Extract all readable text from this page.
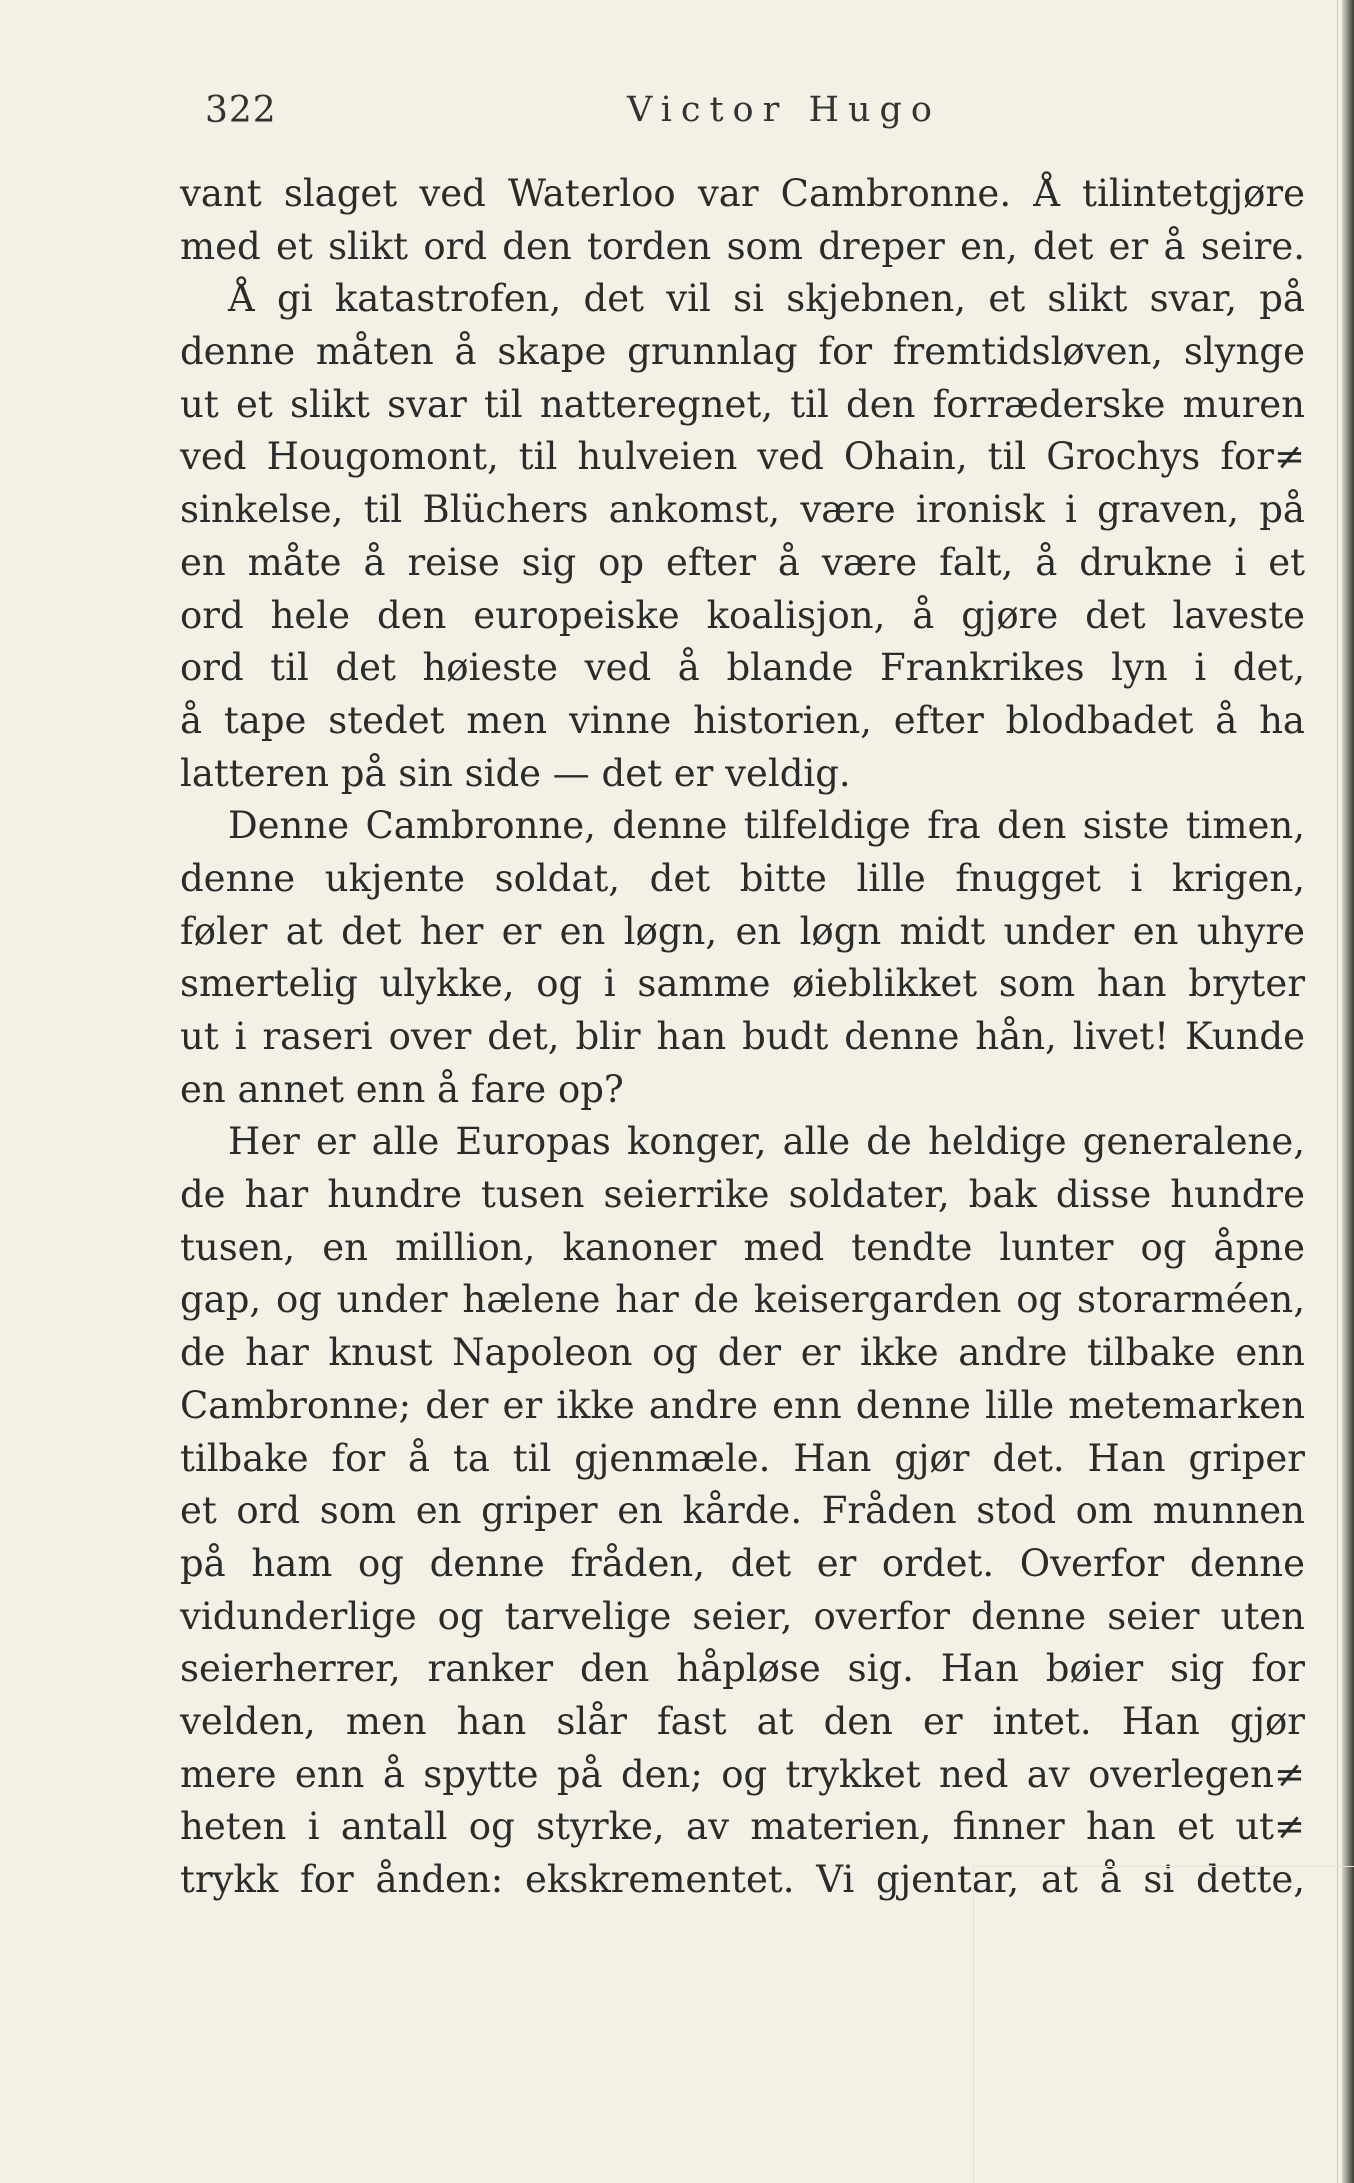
322	Victor Hugo
vant slaget ved Waterloo var Cambronne. Å tilintetgjøre
med et slikt ord den torden som dreper en, det er å seire.
Å gi katastrofen, det vil si skjebnen, et slikt svar, på
denne måten å skape grunnlag for fremtidsløven, slynge
ut et slikt svar til natteregnet, til den forræderske muren
ved Hougomont, til hulveien ved Ohain, til Grochys for≠
sinkelse, til Blüchers ankomst, være ironisk i graven, på
en måte å reise sig op efter å være falt, å drukne i et
ord hele den europeiske koalisjon, å gjøre det laveste
ord til det høieste ved å blande Frankrikes lyn i det,
å tape stedet men vinne historien, efter blodbadet å ha
latteren på sin side — det er veldig.
Denne Cambronne, denne tilfeldige fra den siste timen,
denne ukjente soldat, det bitte lille fnugget i krigen,
føler at det her er en løgn, en løgn midt under en uhyre
smertelig ulykke, og i samme øieblikket som han bryter
ut i raseri over det, blir han budt denne hån, livet! Kunde
en annet enn å fare op?
Her er alle Europas konger, alle de heldige generalene,
de har hundre tusen seierrike soldater, bak disse hundre
tusen, en million, kanoner med tendte lunter og åpne
gap, og under hælene har de keisergarden og storarméen,
de har knust Napoleon og der er ikke andre tilbake enn
Cambronne; der er ikke andre enn denne lille metemarken
tilbake for å ta til gjenmæle. Han gjør det. Han griper
et ord som en griper en kårde. Fråden stod om munnen
på ham og denne fråden, det er ordet. Overfor denne
vidunderlige og tarvelige seier, overfor denne seier uten
seierherrer, ranker den håpløse sig. Han bøier sig for
velden, men han slår fast at den er intet. Han gjør
mere enn å spytte på den; og trykket ned av overlegen≠
heten i antall og styrke, av materien, finner han et ut≠
trykk for ånden: ekskrementet. Vi gjentar, at å si dette,
